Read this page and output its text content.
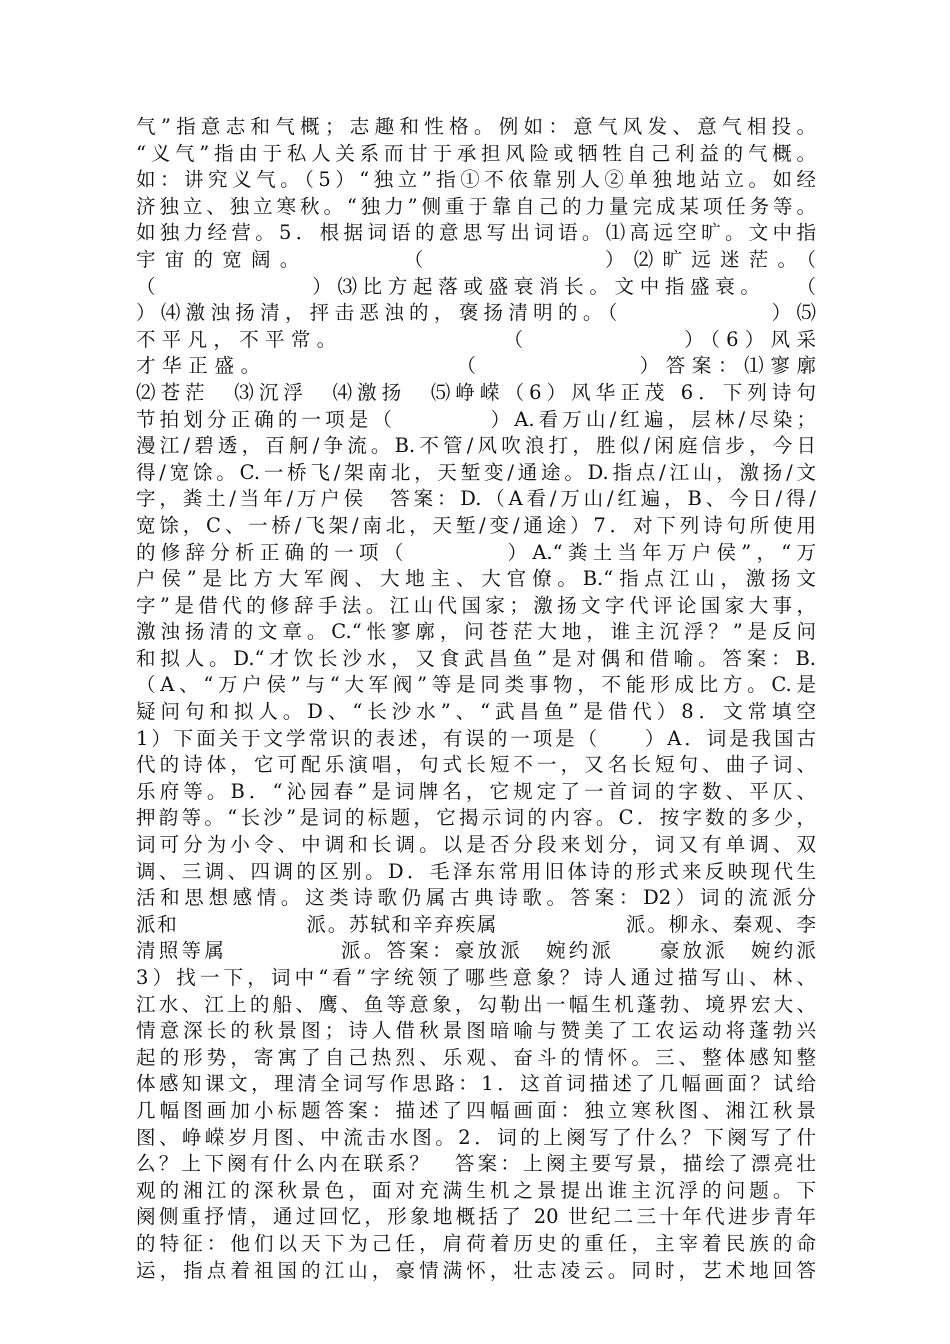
气”指意志和气概；志趣和性格。例如：意气风发、意气相投。
“义气”指由于私人关系而甘于承担风险或牺牲自己利益的气概。
如：讲究义气。（5）“独立”指①不依靠别人②单独地站立。如经
济独立、独立寒秋。“独力”侧重于靠自己的力量完成某项任务等。
如独力经营。5．根据词语的意思写出词语。⑴高远空旷。文中指
宇宙的宽阔。　　　　（　　　　　　）⑵旷远迷茫。（
（　　　　　　）⑶比方起落或盛衰消长。文中指盛衰。　　（
）⑷激浊扬清，抨击恶浊的，褒扬清明的。（　　　　　　）⑸
不平凡，不平常。　　　　　　　（　　　　　　）（6）风采
才华正盛。　　　　　　　　（　　　　　　）答案：⑴寥廓
⑵苍茫　⑶沉浮　⑷激扬　⑸峥嵘（6）风华正茂 6．下列诗句
节拍划分正确的一项是（　　　　）A.看万山/红遍，层林/尽染；
漫江/碧透，百舸/争流。B.不管/风吹浪打，胜似/闲庭信步，今日
得/宽馀。C.一桥飞/架南北，天堑变/通途。D.指点/江山，激扬/文
字，粪土/当年/万户侯　答案：D.（A看/万山/红遍，B、今日/得/
宽馀，C、一桥/飞架/南北，天堑/变/通途）7．对下列诗句所使用
的修辞分析正确的一项（　　　　）A.“粪土当年万户侯”，“万
户侯”是比方大军阀、大地主、大官僚。B.“指点江山，激扬文
字”是借代的修辞手法。江山代国家；激扬文字代评论国家大事，
激浊扬清的文章。C.“怅寥廓，问苍茫大地，谁主沉浮？”是反问
和拟人。D.“才饮长沙水，又食武昌鱼”是对偶和借喻。答案：B.
（A、“万户侯”与“大军阀”等是同类事物，不能形成比方。C.是
疑问句和拟人。D、“长沙水”、“武昌鱼”是借代）8．文常填空
1）下面关于文学常识的表述，有误的一项是（　　）A．词是我国古
代的诗体，它可配乐演唱，句式长短不一，又名长短句、曲子词、
乐府等。B．“沁园春”是词牌名，它规定了一首词的字数、平仄、
押韵等。“长沙”是词的标题，它揭示词的内容。C．按字数的多少，
词可分为小令、中调和长调。以是否分段来划分，词又有单调、双
调、三调、四调的区别。D．毛泽东常用旧体诗的形式来反映现代生
活和思想感情。这类诗歌仍属古典诗歌。答案：D2）词的流派分
派和　　　　　　派。苏轼和辛弃疾属　　　　　　派。柳永、秦观、李
清照等属　　　　　派。答案：豪放派　婉约派　　豪放派　婉约派
3）找一下，词中“看”字统领了哪些意象？诗人通过描写山、林、
江水、江上的船、鹰、鱼等意象，勾勒出一幅生机蓬勃、境界宏大、
情意深长的秋景图；诗人借秋景图暗喻与赞美了工农运动将蓬勃兴
起的形势，寄寓了自己热烈、乐观、奋斗的情怀。三、整体感知整
体感知课文，理清全词写作思路：1．这首词描述了几幅画面？试给
几幅图画加小标题答案：描述了四幅画面：独立寒秋图、湘江秋景
图、峥嵘岁月图、中流击水图。2．词的上阕写了什么？下阕写了什
么？上下阕有什么内在联系？　答案：上阕主要写景，描绘了漂亮壮
观的湘江的深秋景色，面对充满生机之景提出谁主沉浮的问题。下
阕侧重抒情，通过回忆，形象地概括了 20 世纪二三十年代进步青年
的特征：他们以天下为己任，肩荷着历史的重任，主宰着民族的命
运，指点着祖国的江山，豪情满怀，壮志凌云。同时，艺术地回答
